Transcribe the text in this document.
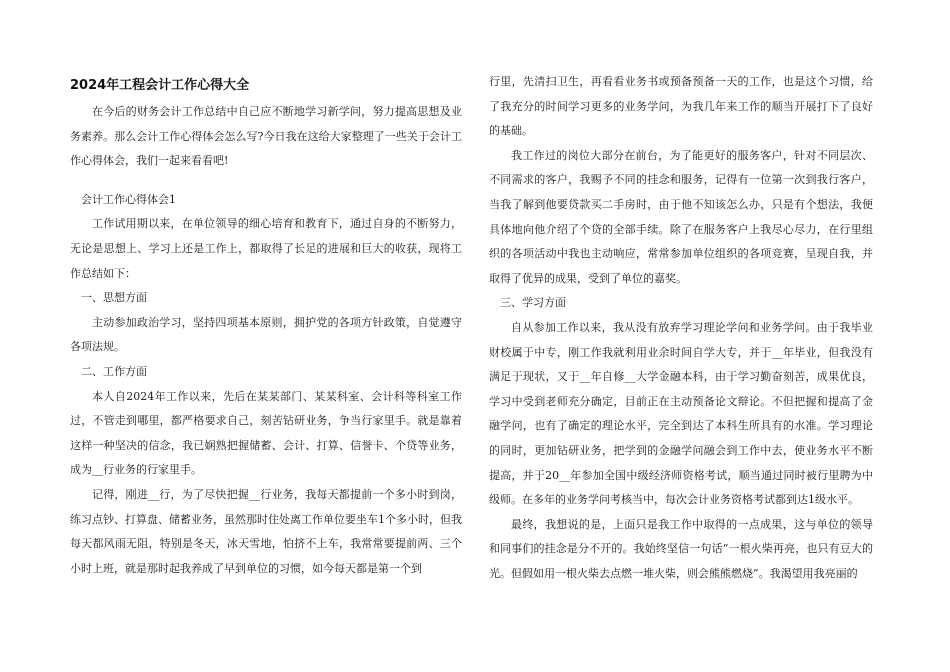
2024年工程会计工作心得大全

在今后的财务会计工作总结中自己应不断地学习新学问，努力提高思想及业务素养。那么会计工作心得体会怎么写?今日我在这给大家整理了一些关于会计工作心得体会，我们一起来看看吧!

会计工作心得体会1

工作试用期以来，在单位领导的细心培育和教育下，通过自身的不断努力，无论是思想上、学习上还是工作上，都取得了长足的进展和巨大的收获，现将工作总结如下：

一、思想方面

主动参加政治学习，坚持四项基本原则，拥护党的各项方针政策，自觉遵守各项法规。

二、工作方面

本人自2024年工作以来，先后在某某部门、某某科室、会计科等科室工作过，不管走到哪里，都严格要求自己，刻苦钻研业务，争当行家里手。就是靠着这样一种坚决的信念，我已娴熟把握储蓄、会计、打算、信誉卡、个贷等业务，成为__行业务的行家里手。

记得，刚进__行，为了尽快把握__行业务，我每天都提前一个多小时到岗，练习点钞、打算盘、储蓄业务，虽然那时住处离工作单位要坐车1个多小时，但我每天都风雨无阻，特别是冬天，冰天雪地，怕挤不上车，我常常要提前两、三个小时上班，就是那时起我养成了早到单位的习惯，如今每天都是第一个到

行里，先清扫卫生，再看看业务书或预备预备一天的工作，也是这个习惯，给了我充分的时间学习更多的业务学问，为我几年来工作的顺当开展打下了良好的基础。

我工作过的岗位大部分在前台，为了能更好的服务客户，针对不同层次、不同需求的客户，我赐予不同的挂念和服务，记得有一位第一次到我行客户，当我了解到他要贷款买二手房时，由于他不知该怎么办，只是有个想法，我便具体地向他介绍了个贷的全部手续。除了在服务客户上我尽心尽力，在行里组织的各项活动中我也主动响应，常常参加单位组织的各项竞赛，呈现自我，并取得了优异的成果，受到了单位的嘉奖。

三、学习方面

自从参加工作以来，我从没有放弃学习理论学问和业务学问。由于我毕业财校属于中专，刚工作我就利用业余时间自学大专，并于__年毕业，但我没有满足于现状，又于__年自修__大学金融本科，由于学习勤奋刻苦，成果优良，学习中受到老师充分确定，目前正在主动预备论文辩论。不但把握和提高了金融学问，也有了确定的理论水平，完全到达了本科生所具有的水准。学习理论的同时，更加钻研业务，把学到的金融学问融会到工作中去，使业务水平不断提高，并于20__年参加全国中级经济师资格考试，顺当通过同时被行里聘为中级师。在多年的业务学问考核当中，每次会计业务资格考试都到达1级水平。

最终，我想说的是，上面只是我工作中取得的一点成果，这与单位的领导和同事们的挂念是分不开的。我始终坚信一句话“一根火柴再亮，也只有豆大的光。但假如用一根火柴去点燃一堆火柴，则会熊熊燃烧”。我渴望用我亮丽的
